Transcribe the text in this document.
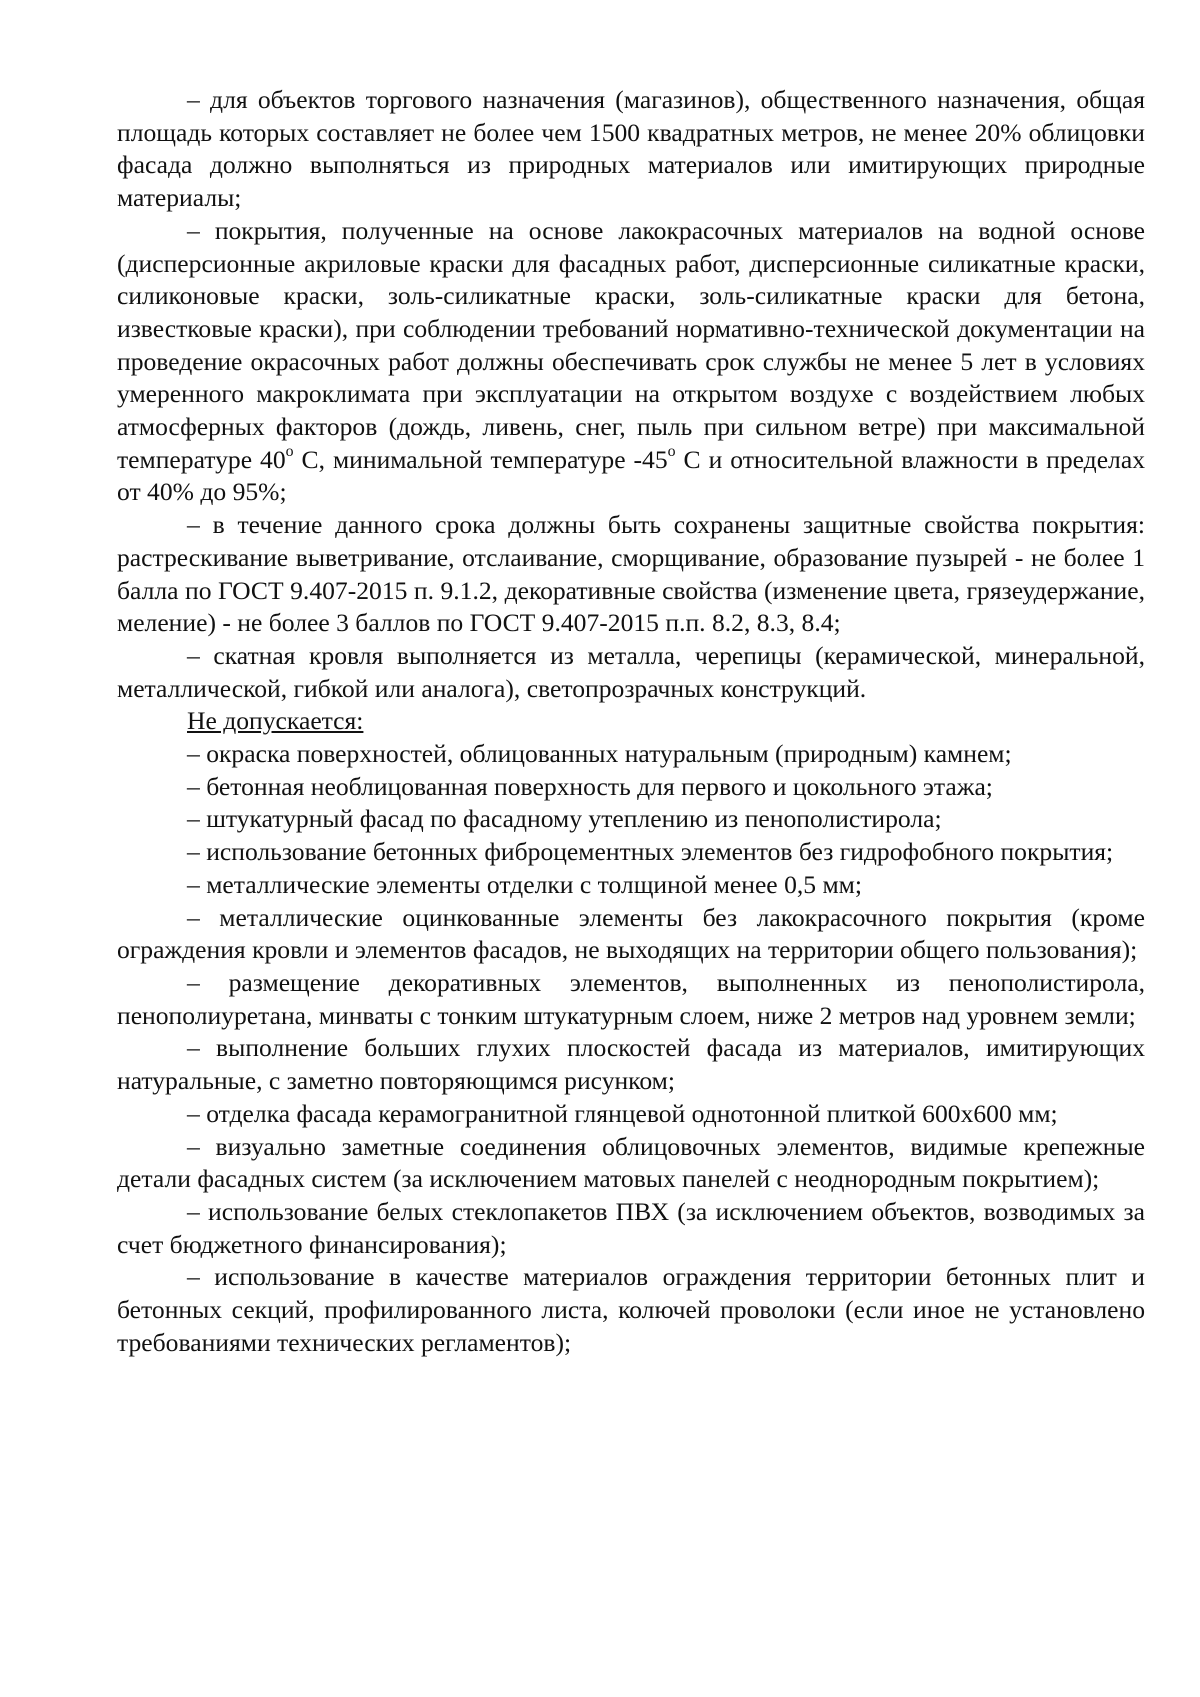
– для объектов торгового назначения (магазинов), общественного назначения, общая площадь которых составляет не более чем 1500 квадратных метров, не менее 20% облицовки фасада должно выполняться из природных материалов или имитирующих природные материалы;

– покрытия, полученные на основе лакокрасочных материалов на водной основе (дисперсионные акриловые краски для фасадных работ, дисперсионные силикатные краски, силиконовые краски, золь-силикатные краски, золь-силикатные краски для бетона, известковые краски), при соблюдении требований нормативно-технической документации на проведение окрасочных работ должны обеспечивать срок службы не менее 5 лет в условиях умеренного макроклимата при эксплуатации на открытом воздухе с воздействием любых атмосферных факторов (дождь, ливень, снег, пыль при сильном ветре) при максимальной температуре 40$^o$ С, минимальной температуре -45$^o$ С и относительной влажности в пределах от 40% до 95%;

– в течение данного срока должны быть сохранены защитные свойства покрытия: растрескивание выветривание, отслаивание, сморщивание, образование пузырей - не более 1 балла по ГОСТ 9.407-2015 п. 9.1.2, декоративные свойства (изменение цвета, грязеудержание, меление) - не более 3 баллов по ГОСТ 9.407-2015 п.п. 8.2, 8.3, 8.4;

– скатная кровля выполняется из металла, черепицы (керамической, минеральной, металлической, гибкой или аналога), светопрозрачных конструкций.

Не допускается:

– окраска поверхностей, облицованных натуральным (природным) камнем;

– бетонная необлицованная поверхность для первого и цокольного этажа;

– штукатурный фасад по фасадному утеплению из пенополистирола;

– использование бетонных фиброцементных элементов без гидрофобного покрытия;

– металлические элементы отделки с толщиной менее 0,5 мм;

– металлические оцинкованные элементы без лакокрасочного покрытия (кроме ограждения кровли и элементов фасадов, не выходящих на территории общего пользования);

– размещение декоративных элементов, выполненных из пенополистирола, пенополиуретана, минваты с тонким штукатурным слоем, ниже 2 метров над уровнем земли;

– выполнение больших глухих плоскостей фасада из материалов, имитирующих натуральные, с заметно повторяющимся рисунком;

– отделка фасада керамогранитной глянцевой однотонной плиткой 600х600 мм;

– визуально заметные соединения облицовочных элементов, видимые крепежные детали фасадных систем (за исключением матовых панелей с неоднородным покрытием);

– использование белых стеклопакетов ПВХ (за исключением объектов, возводимых за счет бюджетного финансирования);

– использование в качестве материалов ограждения территории бетонных плит и бетонных секций, профилированного листа, колючей проволоки (если иное не установлено требованиями технических регламентов);
